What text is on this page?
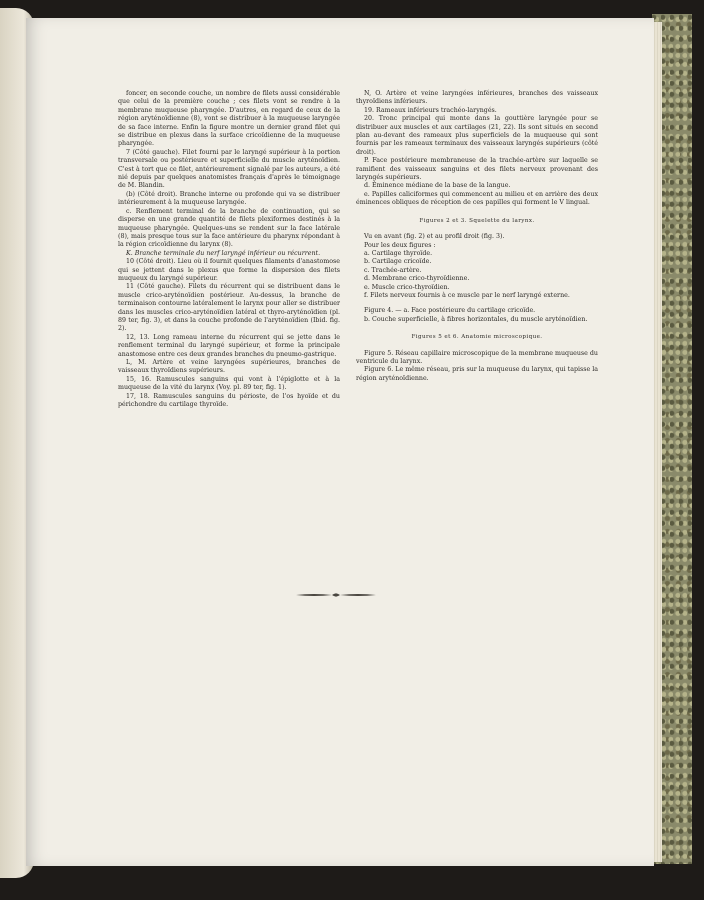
foncer, en seconde couche, un nombre de filets aussi considérable que celui de la première couche ; ces filets vont se rendre à la membrane muqueuse pharyngée. D'autres, en regard de ceux de la région aryténoïdienne (8), vont se distribuer à la muqueuse laryngée de sa face interne. Enfin la figure montre un dernier grand filet qui se distribue en plexus dans la surface cricoïdienne de la muqueuse pharyngée.

7 (Côté gauche). Filet fourni par le laryngé supérieur à la portion transversale ou postérieure et superficielle du muscle aryténoïdien. C'est à tort que ce filet, antérieurement signalé par les auteurs, a été nié depuis par quelques anatomistes français d'après le témoignage de M. Blandin.

(b) (Côté droit). Branche interne ou profonde qui va se distribuer intérieurement à la muqueuse laryngée.

c. Renflement terminal de la branche de continuation, qui se disperse en une grande quantité de filets plexiformes destinés à la muqueuse pharyngée. Quelques-uns se rendent sur la face latérale (8), mais presque tous sur la face antérieure du pharynx répondant à la région cricoïdienne du larynx (8).

K. Branche terminale du nerf laryngé inférieur ou récurrent.

10 (Côté droit). Lieu où il fournit quelques filaments d'anastomose qui se jettent dans le plexus que forme la dispersion des filets muqueux du laryngé supérieur.

11 (Côté gauche). Filets du récurrent qui se distribuent dans le muscle crico-aryténoïdien postérieur. Au-dessus, la branche de terminaison contourne latéralement le larynx pour aller se distribuer dans les muscles crico-aryténoïdien latéral et thyro-aryténoïdien (pl. 89 ter, fig. 3), et dans la couche profonde de l'aryténoïdien (Ibid. fig. 2).

12, 13. Long rameau interne du récurrent qui se jette dans le renflement terminal du laryngé supérieur, et forme la principale anastomose entre ces deux grandes branches du pneumo-gastrique.

L, M. Artère et veine laryngées supérieures, branches de vaisseaux thyroïdiens supérieurs.

15, 16. Ramuscules sanguins qui vont à l'épiglotte et à la muqueuse de la vité du larynx (Voy. pl. 89 ter, fig. 1).

17, 18. Ramuscules sanguins du périoste, de l'os hyoïde et du périchondre du cartilage thyroïde.

N, O. Artère et veine laryngées inférieures, branches des vaisseaux thyroïdiens inférieurs.

19. Rameaux inférieurs trachéo-laryngés.

20. Tronc principal qui monte dans la gouttière laryngée pour se distribuer aux muscles et aux cartilages (21, 22). Ils sont situés en second plan au-devant des rameaux plus superficiels de la muqueuse qui sont fournis par les rameaux terminaux des vaisseaux laryngés supérieurs (côté droit).

P. Face postérieure membraneuse de la trachée-artère sur laquelle se ramifient des vaisseaux sanguins et des filets nerveux provenant des laryngés supérieurs.

d. Éminence médiane de la base de la langue.

e. Papilles caliciformes qui commencent au milieu et en arrière des deux éminences obliques de réception de ces papilles qui forment le V lingual.

Figures 2 et 3. Squelette du larynx.

Vu en avant (fig. 2) et au profil droit (fig. 3).

Pour les deux figures :

a. Cartilage thyroïde.

b. Cartilage cricoïde.

c. Trachée-artère.

d. Membrane crico-thyroïdienne.

e. Muscle crico-thyroïdien.

f. Filets nerveux fournis à ce muscle par le nerf laryngé externe.

Figure 4. — a. Face postérieure du cartilage cricoïde.

b. Couche superficielle, à fibres horizontales, du muscle aryténoïdien.

Figures 5 et 6. Anatomie microscopique.

Figure 5. Réseau capillaire microscopique de la membrane muqueuse du ventricule du larynx.

Figure 6. Le même réseau, pris sur la muqueuse du larynx, qui tapisse la région aryténoïdienne.
